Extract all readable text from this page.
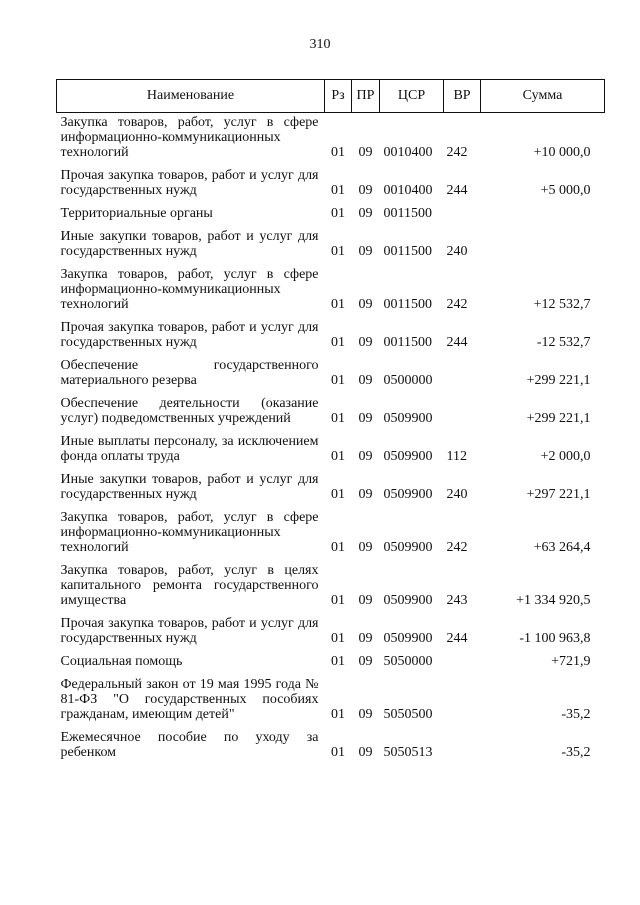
310
Наименование	Рз	ПР	ЦСР	ВР	Сумма
Закупка товаров, работ, услуг в сфере информационно-коммуникационных технологий	01	09	0010400	242	+10 000,0
Прочая закупка товаров, работ и услуг для государственных нужд	01	09	0010400	244	+5 000,0
Территориальные органы	01	09	0011500		
Иные закупки товаров, работ и услуг для государственных нужд	01	09	0011500	240	
Закупка товаров, работ, услуг в сфере информационно-коммуникационных технологий	01	09	0011500	242	+12 532,7
Прочая закупка товаров, работ и услуг для государственных нужд	01	09	0011500	244	-12 532,7
Обеспечение государственного материального резерва	01	09	0500000		+299 221,1
Обеспечение деятельности (оказание услуг) подведомственных учреждений	01	09	0509900		+299 221,1
Иные выплаты персоналу, за исключением фонда оплаты труда	01	09	0509900	112	+2 000,0
Иные закупки товаров, работ и услуг для государственных нужд	01	09	0509900	240	+297 221,1
Закупка товаров, работ, услуг в сфере информационно-коммуникационных технологий	01	09	0509900	242	+63 264,4
Закупка товаров, работ, услуг в целях капитального ремонта государственного имущества	01	09	0509900	243	+1 334 920,5
Прочая закупка товаров, работ и услуг для государственных нужд	01	09	0509900	244	-1 100 963,8
Социальная помощь	01	09	5050000		+721,9
Федеральный закон от 19 мая 1995 года № 81-ФЗ "О государственных пособиях гражданам, имеющим детей"	01	09	5050500		-35,2
Ежемесячное пособие по уходу за ребенком	01	09	5050513		-35,2
